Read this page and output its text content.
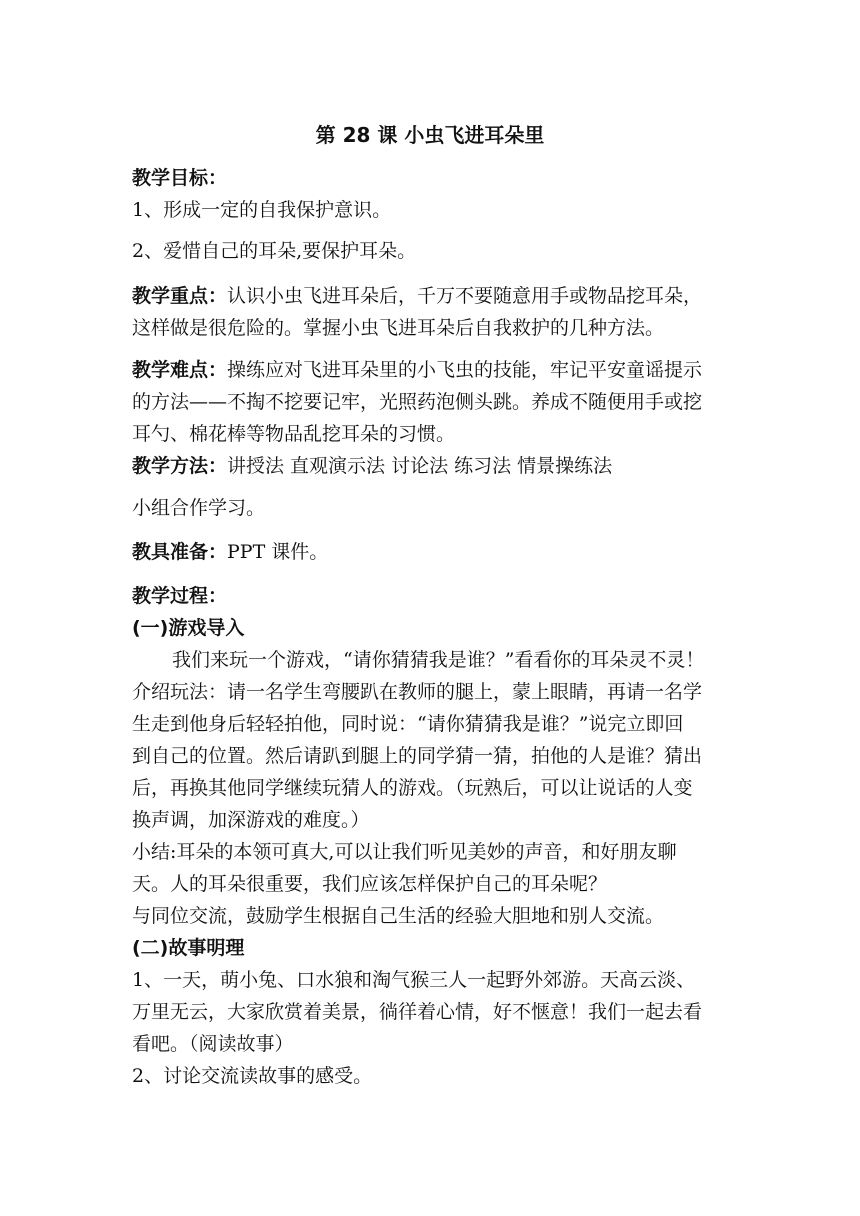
第 28 课 小虫飞进耳朵里
教学目标：
1、形成一定的自我保护意识。
2、爱惜自己的耳朵,要保护耳朵。
教学重点：认识小虫飞进耳朵后，千万不要随意用手或物品挖耳朵，
这样做是很危险的。掌握小虫飞进耳朵后自我救护的几种方法。
教学难点：操练应对飞进耳朵里的小飞虫的技能，牢记平安童谣提示
的方法——不掏不挖要记牢，光照药泡侧头跳。养成不随便用手或挖
耳勺、棉花棒等物品乱挖耳朵的习惯。
教学方法：讲授法 直观演示法 讨论法 练习法 情景操练法
小组合作学习。
教具准备：PPT 课件。
教学过程：
(一)游戏导入
我们来玩一个游戏，“请你猜猜我是谁？”看看你的耳朵灵不灵！
介绍玩法：请一名学生弯腰趴在教师的腿上，蒙上眼睛，再请一名学
生走到他身后轻轻拍他，同时说：“请你猜猜我是谁？”说完立即回
到自己的位置。然后请趴到腿上的同学猜一猜，拍他的人是谁？猜出
后，再换其他同学继续玩猜人的游戏。（玩熟后，可以让说话的人变
换声调，加深游戏的难度。）
小结:耳朵的本领可真大,可以让我们听见美妙的声音，和好朋友聊
天。人的耳朵很重要，我们应该怎样保护自己的耳朵呢？
与同位交流，鼓励学生根据自己生活的经验大胆地和别人交流。
(二)故事明理
1、一天，萌小兔、口水狼和淘气猴三人一起野外郊游。天高云淡、
万里无云，大家欣赏着美景，徜徉着心情，好不惬意！我们一起去看
看吧。（阅读故事）
2、讨论交流读故事的感受。
